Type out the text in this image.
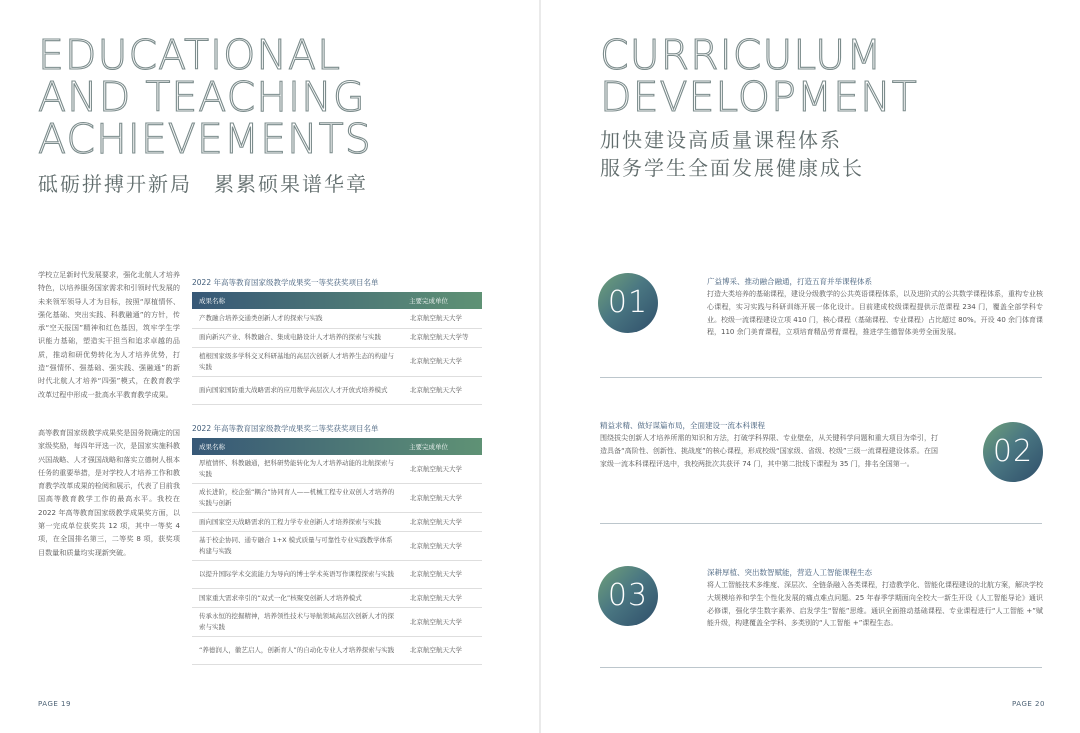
EDUCATIONAL
AND TEACHING
ACHIEVEMENTS
砥砺拼搏开新局　累累硕果谱华章

学校立足新时代发展要求，强化北航人才培养特色，以培养服务国家需求和引领时代发展的未来领军领导人才为目标，按照“厚植情怀、强化基础、突出实践、科教融通”的方针，传承“空天报国”精神和红色基因，筑牢学生学识能力基础，塑造实干担当和追求卓越的品质，推动和研优势转化为人才培养优势，打造“强情怀、强基础、强实践、强融通”的新时代北航人才培养“四强”模式，在教育教学改革过程中形成一批高水平教育教学成果。

高等教育国家级教学成果奖是国务院确定的国家级奖励，每四年评选一次，是国家实施科教兴国战略、人才强国战略和落实立德树人根本任务的重要举措，是对学校人才培养工作和教育教学改革成果的检阅和展示，代表了目前我国高等教育教学工作的最高水平。我校在 2022 年高等教育国家级教学成果奖方面，以第一完成单位获奖共 12 项，其中一等奖 4 项，在全国排名第三，二等奖 8 项，获奖项目数量和质量均实现新突破。

2022 年高等教育国家级教学成果奖一等奖获奖项目名单
成果名称	主要完成单位
产教融合培养交通类创新人才的探索与实践	北京航空航天大学
面向新兴产业、科教融合、集成电路设计人才培养的探索与实践	北京航空航天大学等
植根国家级多学科交叉科研基地的高层次创新人才培养生态的构建与实践	北京航空航天大学
面向国家国防重大战略需求的应用数学高层次人才开放式培养模式	北京航空航天大学
2022 年高等教育国家级教学成果奖二等奖获奖项目名单
成果名称	主要完成单位
厚植情怀、科教融通，把科研势能转化为人才培养动能的北航探索与实践	北京航空航天大学
成长进阶，校企强“耦合”协同育人——机械工程专业双创人才培养的实践与创新	北京航空航天大学
面向国家空天战略需求的工程力学专业创新人才培养探索与实践	北京航空航天大学
基于校企协同、通专融合 1+X 模式质量与可靠性专业实践教学体系构建与实践	北京航空航天大学
以提升国际学术交流能力为导向的博士学术英语写作课程探索与实践	北京航空航天大学
国家重大需求牵引的“双式一化”核聚变创新人才培养模式	北京航空航天大学
传承永恒的挖掘精神，培养领性技术与导航领域高层次创新人才的探索与实践	北京航空航天大学
“养德润人，徽艺启人，创新育人”的自动化专业人才培养探索与实践	北京航空航天大学
PAGE 19
CURRICULUM
DEVELOPMENT
加快建设高质量课程体系
服务学生全面发展健康成长
01
广益博采、推动融合融通，打造五育并举课程体系
打造大类培养的基础课程，建设分级教学的公共英语课程体系，以及进阶式的公共数学课程体系，重构专业核心课程，实习实践与科研训练开展一体化设计。目前建成校级课程提供示范课程 234 门，覆盖全部学科专业。校级一流课程建设立项 410 门，核心课程（基础课程、专业课程）占比超过 80%。开设 40 余门体育课程，110 余门美育课程，立项培育精品劳育课程，推进学生德智体美劳全面发展。
精益求精、做好谋篇布局，全面建设一流本科课程
围绕拔尖创新人才培养所需的知识和方法，打破学科界限、专业壁垒，从关键科学问题和重大项目为牵引，打造具备“高阶性、创新性、挑战度”的核心课程，形成校级“国家级、省级、校级”三级一流课程建设体系。在国家级一流本科课程评选中，我校两批次共获评 74 门，其中第二批线下课程为 35 门，排名全国第一。	02
03
深耕厚植、突出数智赋能，营造人工智能课程生态
将人工智能技术多维度、深层次、全链条融入各类课程，打造教学化、智能化课程建设的北航方案，解决学校大规模培养和学生个性化发展的痛点难点问题。25 年春季学期面向全校大一新生开设《人工智能导论》通识必修课，强化学生数字素养、启发学生“智能”思维。通识全面推动基础课程、专业课程进行“人工智能 +”赋能升级，构建覆盖全学科、多类别的“人工智能 +”课程生态。
PAGE 20
